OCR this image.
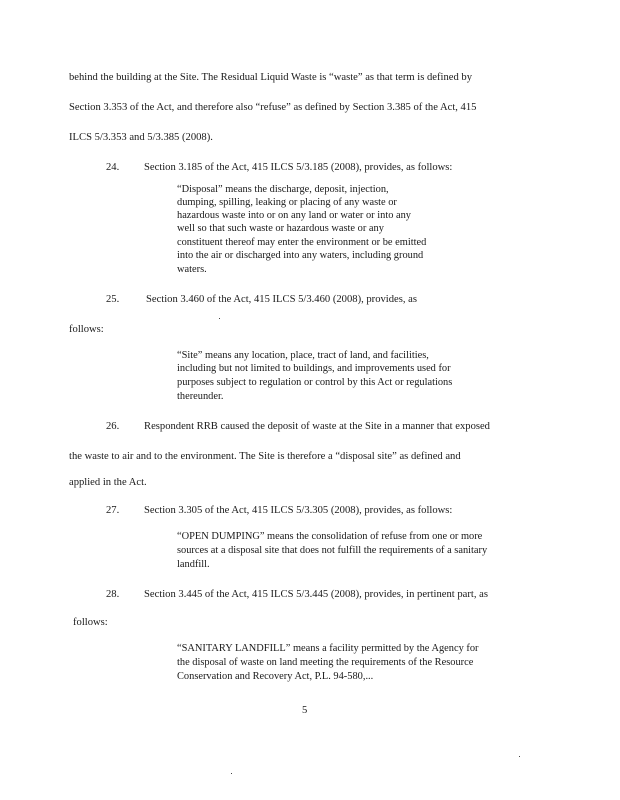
behind the building at the Site. The Residual Liquid Waste is “waste” as that term is defined by
Section 3.353 of the Act, and therefore also “refuse” as defined by Section 3.385 of the Act, 415
ILCS 5/3.353 and 5/3.385 (2008).
24. Section 3.185 of the Act, 415 ILCS 5/3.185 (2008), provides, as follows:
“Disposal” means the discharge, deposit, injection,
dumping, spilling, leaking or placing of any waste or
hazardous waste into or on any land or water or into any
well so that such waste or hazardous waste or any
constituent thereof may enter the environment or be emitted
into the air or discharged into any waters, including ground
waters.
25.	Section 3.460 of the Act, 415 ILCS 5/3.460 (2008), provides, as
follows:
“Site” means any location, place, tract of land, and facilities,
including but not limited to buildings, and improvements used for
purposes subject to regulation or control by this Act or regulations
thereunder.
26. Respondent RRB caused the deposit of waste at the Site in a manner that exposed
the waste to air and to the environment. The Site is therefore a “disposal site” as defined and
applied in the Act.
27. Section 3.305 of the Act, 415 ILCS 5/3.305 (2008), provides, as follows:
“OPEN DUMPING” means the consolidation of refuse from one or more
sources at a disposal site that does not fulfill the requirements of a sanitary
landfill.
28. Section 3.445 of the Act, 415 ILCS 5/3.445 (2008), provides, in pertinent part, as
follows:
“SANITARY LANDFILL” means a facility permitted by the Agency for
the disposal of waste on land meeting the requirements of the Resource
Conservation and Recovery Act, P.L. 94-580,...
5
